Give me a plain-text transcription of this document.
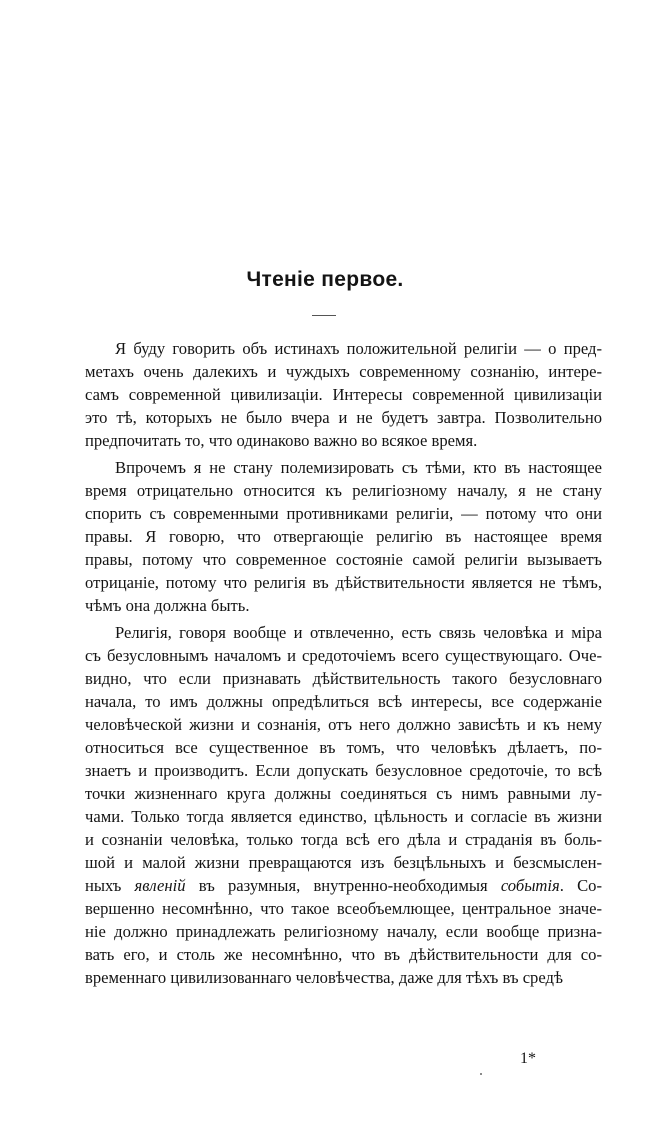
Чтеніе первое.
Я буду говорить объ истинахъ положительной религіи — о пред-
метахъ очень далекихъ и чуждыхъ современному сознанію, интере-
самъ современной цивилизаціи. Интересы современной цивилизаціи
это тѣ, которыхъ не было вчера и не будетъ завтра. Позволительно
предпочитать то, что одинаково важно во всякое время.
Впрочемъ я не стану полемизировать съ тѣми, кто въ настоящее
время отрицательно относится къ религіозному началу, я не стану
спорить съ современными противниками религіи, — потому что они
правы. Я говорю, что отвергающіе религію въ настоящее время
правы, потому что современное состояніе самой религіи вызываетъ
отрицаніе, потому что религія въ дѣйствительности является не тѣмъ,
чѣмъ она должна быть.
Религія, говоря вообще и отвлеченно, есть связь человѣка и міра
съ безусловнымъ началомъ и средоточіемъ всего существующаго. Оче-
видно, что если признавать дѣйствительность такого безусловнаго
начала, то имъ должны опредѣлиться всѣ интересы, все содержаніе
человѣческой жизни и сознанія, отъ него должно зависѣть и къ нему
относиться все существенное въ томъ, что человѣкъ дѣлаетъ, по-
знаетъ и производитъ. Если допускать безусловное средоточіе, то всѣ
точки жизненнаго круга должны соединяться съ нимъ равными лу-
чами. Только тогда является единство, цѣльность и согласіе въ жизни
и сознаніи человѣка, только тогда всѣ его дѣла и страданія въ боль-
шой и малой жизни превращаются изъ безцѣльныхъ и безсмыслен-
ныхъ явленій въ разумныя, внутренно-необходимыя событія. Со-
вершенно несомнѣнно, что такое всеобъемлющее, центральное значе-
ніе должно принадлежать религіозному началу, если вообще призна-
вать его, и столь же несомнѣнно, что въ дѣйствительности для со-
временнаго цивилизованнаго человѣчества, даже для тѣхъ въ средѣ
1*
